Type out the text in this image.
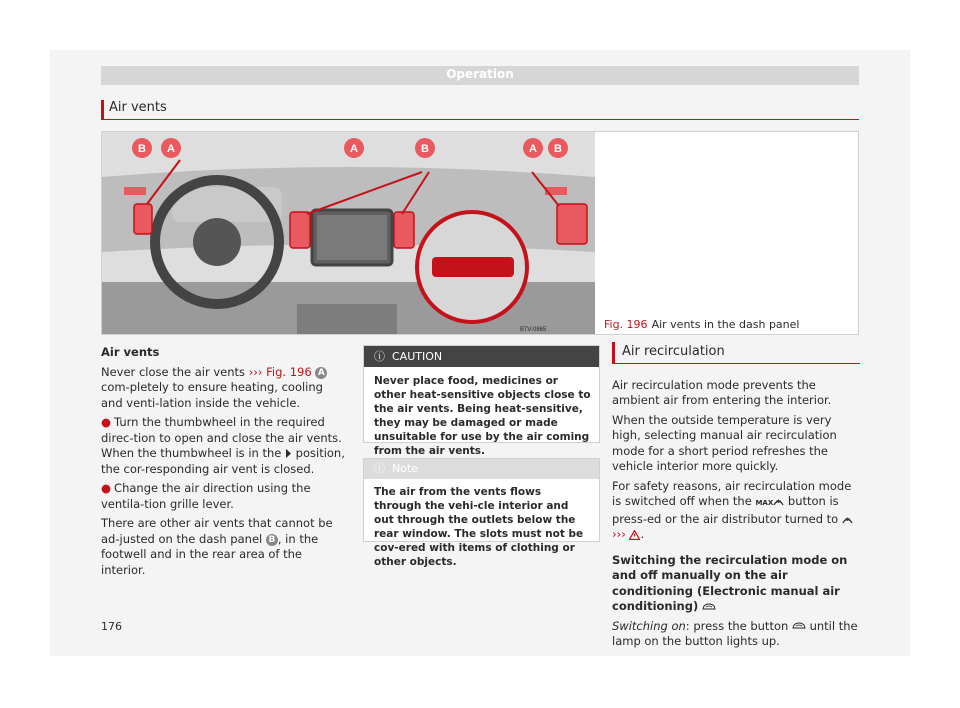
Operation
Air vents
B7V-0865
B A	A	B	A B
Fig. 196 Air vents in the dash panel
Air vents

Never close the air vents ››› Fig. 196 A com-pletely to ensure heating, cooling and venti-lation inside the vehicle.

● Turn the thumbwheel in the required direc-tion to open and close the air vents. When the thumbwheel is in the position, the cor-responding air vent is closed.

● Change the air direction using the ventila-tion grille lever.

There are other air vents that cannot be ad-justed on the dash panel B , in the footwell and in the rear area of the interior.

ⓘ CAUTION
Never place food, medicines or other heat-sensitive objects close to the air vents. Being heat-sensitive, they may be damaged or made unsuitable for use by the air coming from the air vents.
ⓘ Note
The air from the vents flows through the vehi-cle interior and out through the outlets below the rear window. The slots must not be cov-ered with items of clothing or other objects.
Air recirculation

Air recirculation mode prevents the ambient air from entering the interior.

When the outside temperature is very high, selecting manual air recirculation mode for a short period refreshes the vehicle interior more quickly.

For safety reasons, air recirculation mode is switched off when the MAX button is press-ed or the air distributor turned to  ››› .

Switching the recirculation mode on and off manually on the air conditioning (Electronic manual air conditioning)

Switching on: press the button until the lamp on the button lights up.

176
